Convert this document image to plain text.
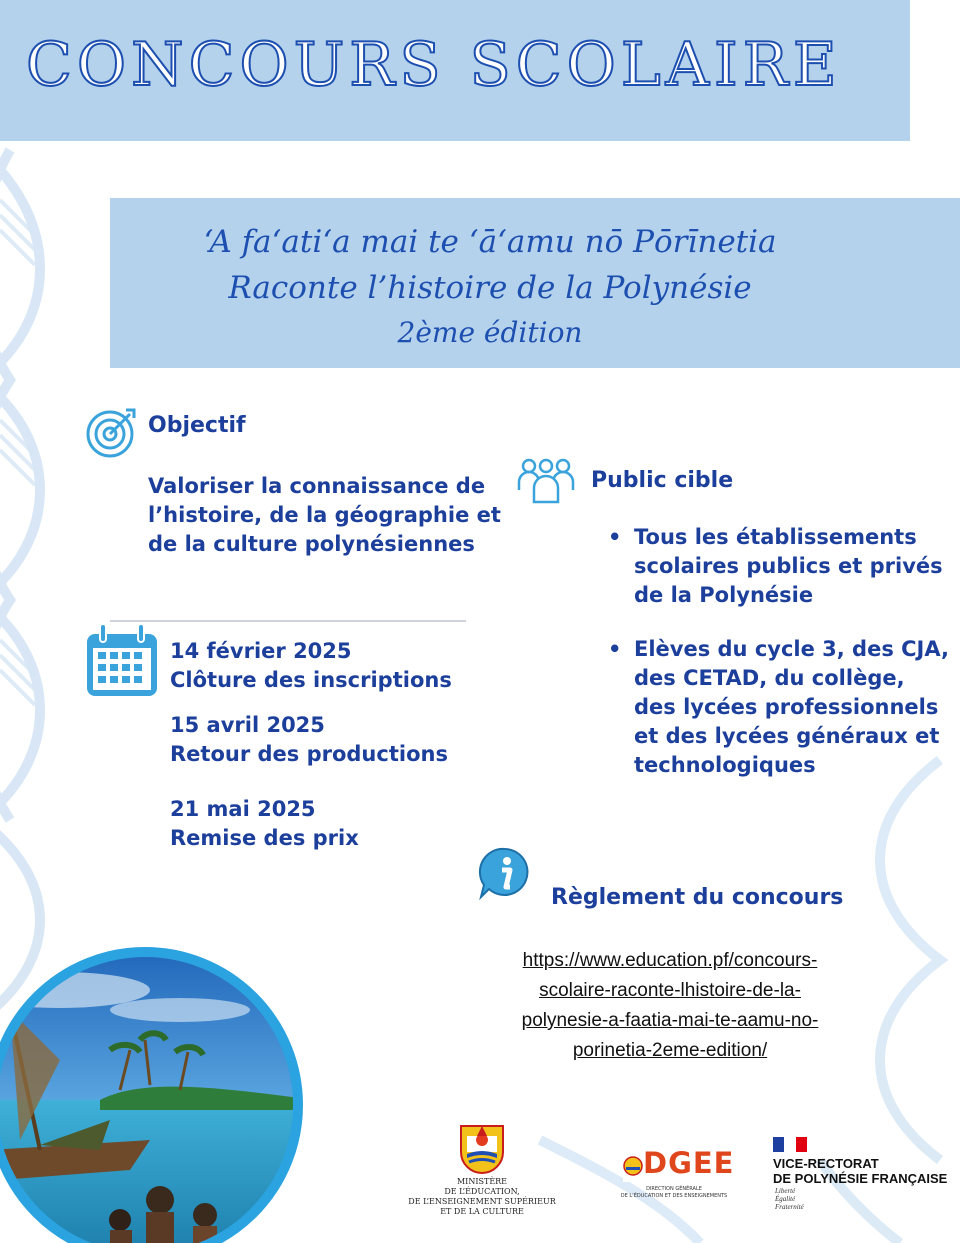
CONCOURS SCOLAIRE
ʻA faʻatiʻa mai te ʻāʻamu nō Pōrīnetia
Raconte l’histoire de la Polynésie
2ème édition
Objectif
Valoriser la connaissance de
l’histoire, de la géographie et
de la culture polynésiennes
14 février 2025
Clôture des inscriptions
15 avril 2025
Retour des productions
21 mai 2025
Remise des prix
Public cible
• Tous les établissements
scolaires publics et privés
de la Polynésie
• Elèves du cycle 3, des CJA,
des CETAD, du collège,
des lycées professionnels
et des lycées généraux et
technologiques
Règlement du concours
https://www.education.pf/concours-
scolaire-raconte-lhistoire-de-la-
polynesie-a-faatia-mai-te-aamu-no-
porinetia-2eme-edition/
MINISTÈRE
DE L’ÉDUCATION,
DE L’ENSEIGNEMENT SUPÉRIEUR
ET DE LA CULTURE
DGEE
DIRECTION GÉNÉRALE
DE L’ÉDUCATION ET DES ENSEIGNEMENTS
VICE-RECTORAT
DE POLYNÉSIE FRANÇAISE
Liberté
Égalité
Fraternité
